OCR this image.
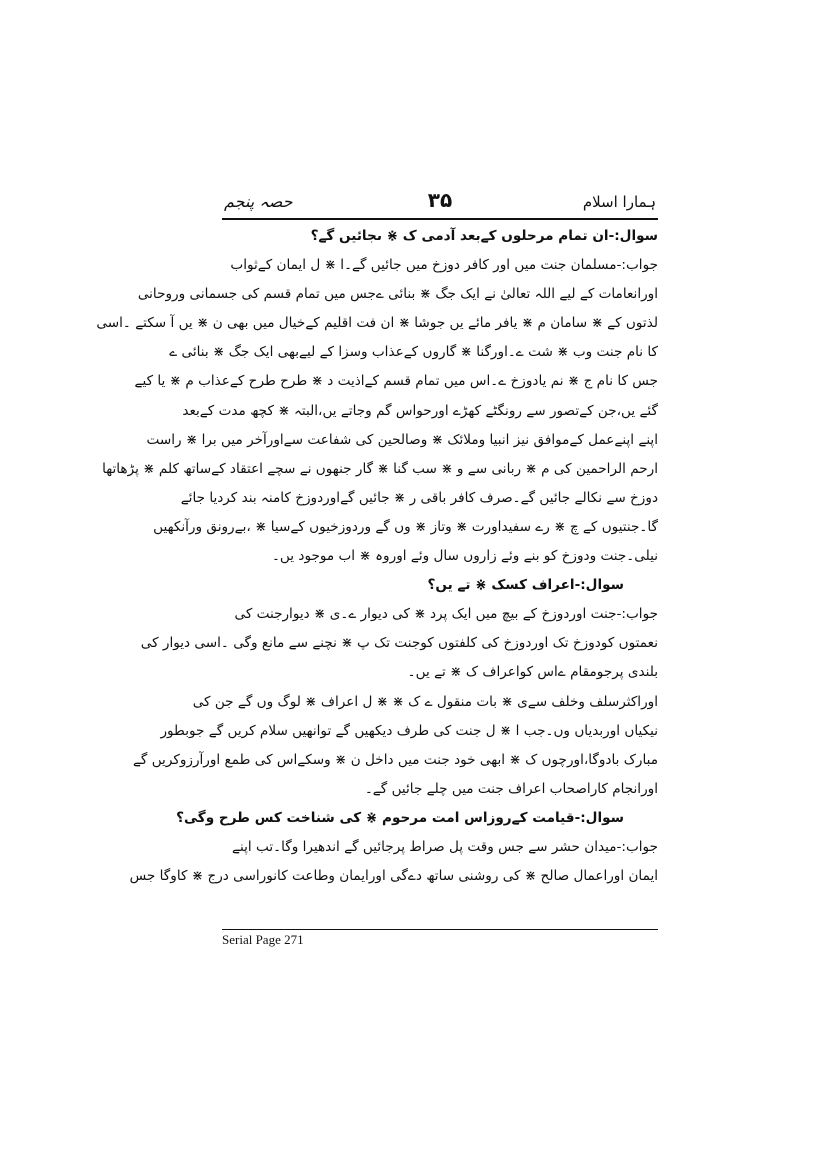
ہمارا اسلام
۳۵
حصہ پنجم
سوال:-ان تمام مرحلوں کےبعد آدمی ک ⋇ ںجائیں گے؟
جواب:-مسلمان جنت میں اور کافر دوزخ میں جائیں گے۔ا ⋇ ل ایمان کےثواب
اورانعامات کے لیے اللہ تعالیٰ نے ایک جگ ⋇ بنائی ےجس میں تمام قسم کی جسمانی وروحانی
لذتوں کے ⋇ سامان م ⋇ یافر مائے یں جوشا ⋇ ان فت اقلیم کےخیال میں بھی ن ⋇ یں آ سکتے ۔اسی
کا نام جنت وب ⋇ شت ے۔اورگنا ⋇ گاروں کےعذاب وسزا کے لیےبھی ایک جگ ⋇ بنائی ے
جس کا نام ج ⋇ نم یادوزخ ے۔اس میں تمام قسم کےاذیت د ⋇ طرح طرح کےعذاب م ⋇ یا کیے
گئے یں،جن کےتصور سے رونگٹے کھڑے اورحواس گم وجاتے یں،البتہ ⋇ کچھ مدت کےبعد
اپنے اپنےعمل کےموافق نیز انبیا وملائک ⋇ وصالحین کی شفاعت سےاورآخر میں برا ⋇ راست
ارحم الراحمین کی م ⋇ ربانی سے و ⋇ سب گنا ⋇ گار جنھوں نے سچے اعتقاد کےساتھ کلم ⋇ پڑھاتھا
دوزخ سے نکالے جائیں گے۔صرف کافر باقی ر ⋇ جائیں گےاوردوزخ کامنہ بند کردیا جائے
گا۔جنتیوں کے چ ⋇ رے سفیداورت ⋇ وتاز ⋇ وں گے وردوزخیوں کےسیا ⋇ ،بےرونق ورآنکھیں
نیلی۔جنت ودوزخ کو بنے وئے زاروں سال وئے اوروہ ⋇ اب موجود یں۔
سوال:-اعراف کسک ⋇ تے یں؟
جواب:-جنت اوردوزخ کے بیچ میں ایک پرد ⋇ کی دیوار ے۔ی ⋇ دیوارجنت کی
نعمتوں کودوزخ تک اوردوزخ کی کلفتوں کوجنت تک پ ⋇ نچنے سے مانع وگی ۔اسی دیوار کی
بلندی پرجومقام ےاس کواعراف ک ⋇ تے یں۔
اوراکثرسلف وخلف سےی ⋇ بات منقول ے ک ⋇ ⋇ ل اعراف ⋇ لوگ وں گے جن کی
نیکیاں اوربدیاں وں۔جب ا ⋇ ل جنت کی طرف دیکھیں گے توانھیں سلام کریں گے جوبطور
مبارک بادوگا،اورچوں ک ⋇ ابھی خود جنت میں داخل ن ⋇ وسکےاس کی طمع اورآرزوکریں گے
اورانجام کاراصحاب اعراف جنت میں چلے جائیں گے۔
سوال:-قیامت کےروزاس امت مرحوم ⋇ کی شناخت کس طرح وگی؟
جواب:-میدان حشر سے جس وقت پل صراط پرجائیں گے اندھیرا وگا۔تب اپنے
ایمان اوراعمال صالح ⋇ کی روشنی ساتھ دےگی اورایمان وطاعت کانوراسی درج ⋇ کاوگا جس
Serial Page 271
